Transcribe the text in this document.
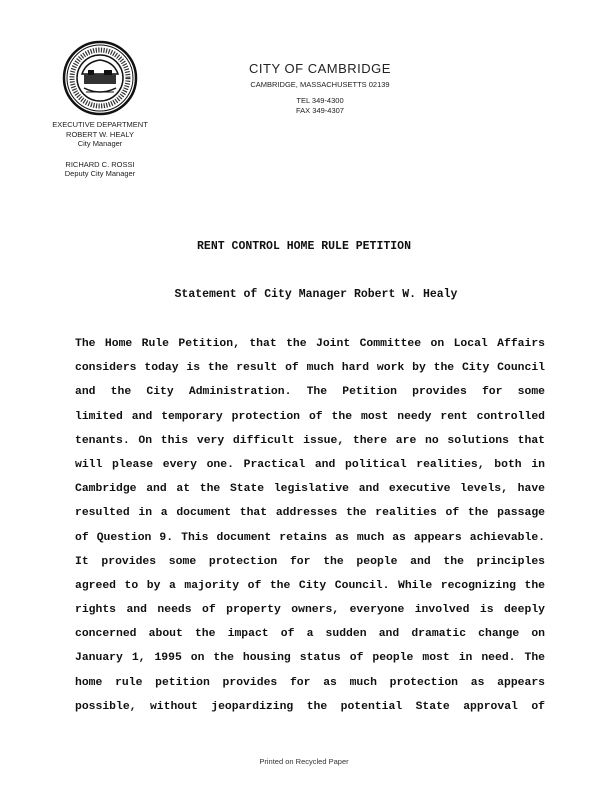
EXECUTIVE DEPARTMENT
ROBERT W. HEALY
City Manager
RICHARD C. ROSSI
Deputy City Manager
CITY OF CAMBRIDGE
CAMBRIDGE, MASSACHUSETTS 02139
TEL 349-4300
FAX 349-4307
RENT CONTROL HOME RULE PETITION
Statement of City Manager Robert W. Healy
The Home Rule Petition, that the Joint Committee on Local Affairs
considers today is the result of much hard work by the City Council
and the City Administration. The Petition provides for some
limited and temporary protection of the most needy rent controlled
tenants. On this very difficult issue, there are no solutions that
will please every one. Practical and political realities, both in
Cambridge and at the State legislative and executive levels, have
resulted in a document that addresses the realities of the passage
of Question 9. This document retains as much as appears achievable.
It provides some protection for the people and the principles
agreed to by a majority of the City Council. While recognizing the
rights and needs of property owners, everyone involved is deeply
concerned about the impact of a sudden and dramatic change on
January 1, 1995 on the housing status of people most in need. The
home rule petition provides for as much protection as appears
possible, without jeopardizing the potential State approval of
Printed on Recycled Paper
